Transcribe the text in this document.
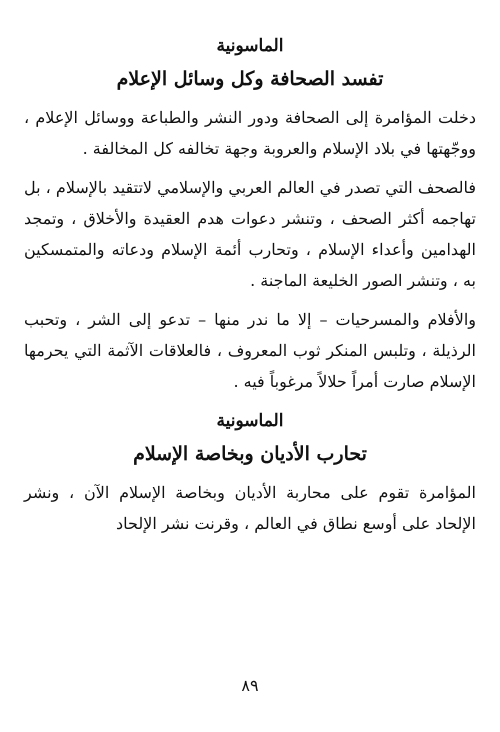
الماسونية
تفسد الصحافة وكل وسائل الإعلام

دخلت المؤامرة إلى الصحافة ودور النشر والطباعة ووسائل الإعلام ، ووجّهتها في بلاد الإسلام والعروبة وجهة تخالفه كل المخالفة .

فالصحف التي تصدر في العالم العربي والإسلامي لاتتقيد بالإسلام ، بل تهاجمه أكثر الصحف ، وتنشر دعوات هدم العقيدة والأخلاق ، وتمجد الهدامين وأعداء الإسلام ، وتحارب أئمة الإسلام ودعاته والمتمسكين به ، وتنشر الصور الخليعة الماجنة .

والأفلام والمسرحيات – إلا ما ندر منها – تدعو إلى الشر ، وتحبب الرذيلة ، وتلبس المنكر ثوب المعروف ، فالعلاقات الآثمة التي يحرمها الإسلام صارت أمراً حلالاً مرغوباً فيه .

الماسونية
تحارب الأديان وبخاصة الإسلام

المؤامرة تقوم على محاربة الأديان وبخاصة الإسلام الآن ، ونشر الإلحاد على أوسع نطاق في العالم ، وقرنت نشر الإلحاد

٨٩
